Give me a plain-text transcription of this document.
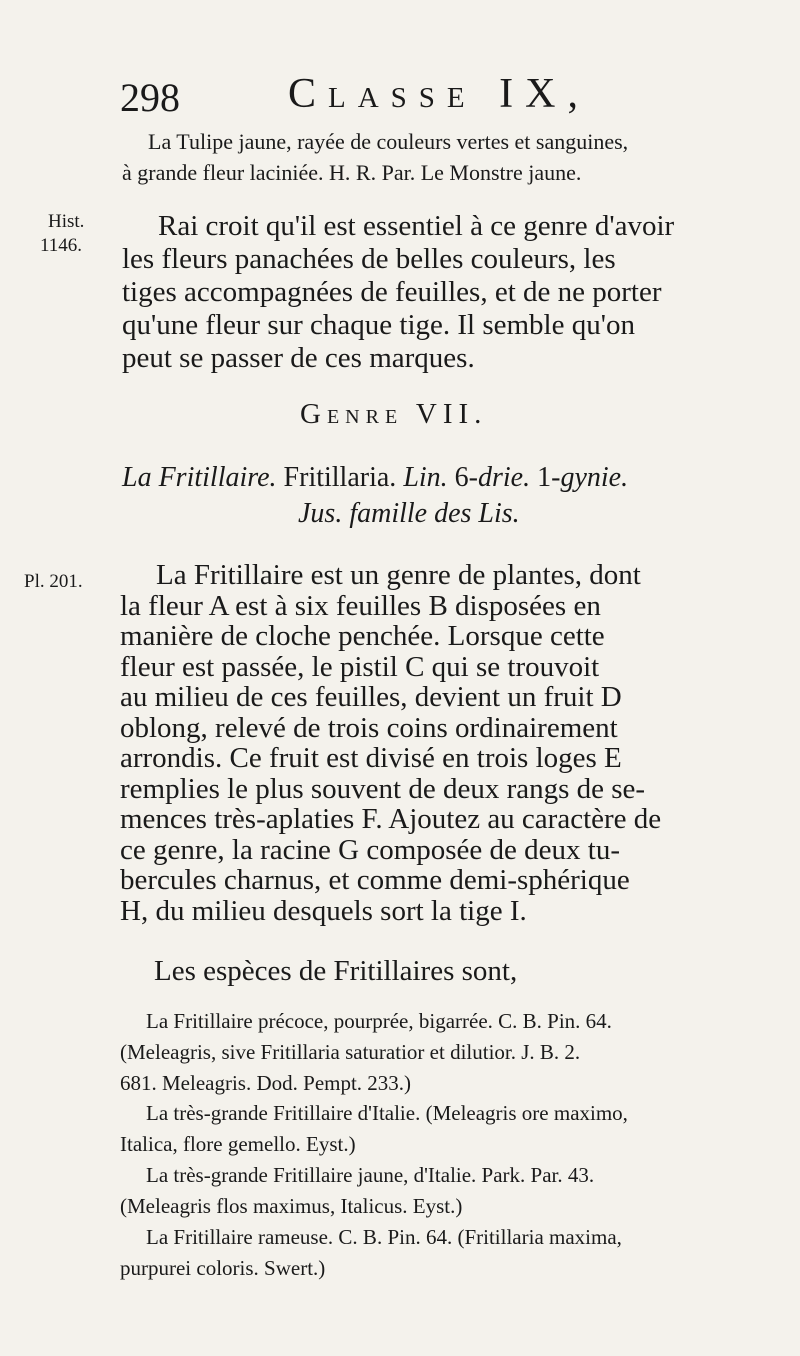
298	Classe IX,
La Tulipe jaune, rayée de couleurs vertes et sanguines,
à grande fleur laciniée. H. R. Par. Le Monstre jaune.
Hist.
1146.
Rai croit qu'il est essentiel à ce genre d'avoir
les fleurs panachées de belles couleurs, les
tiges accompagnées de feuilles, et de ne porter
qu'une fleur sur chaque tige. Il semble qu'on
peut se passer de ces marques.
Genre VII.
La Fritillaire. Fritillaria. Lin. 6-drie. 1-gynie.
Jus. famille des Lis.
Pl. 201.	La Fritillaire est un genre de plantes, dont
la fleur A est à six feuilles B disposées en
manière de cloche penchée. Lorsque cette
fleur est passée, le pistil C qui se trouvoit
au milieu de ces feuilles, devient un fruit D
oblong, relevé de trois coins ordinairement
arrondis. Ce fruit est divisé en trois loges E
remplies le plus souvent de deux rangs de se-
mences très-aplaties F. Ajoutez au caractère de
ce genre, la racine G composée de deux tu-
bercules charnus, et comme demi-sphérique
H, du milieu desquels sort la tige I.
Les espèces de Fritillaires sont,
La Fritillaire précoce, pourprée, bigarrée. C. B. Pin. 64.
(Meleagris, sive Fritillaria saturatior et dilutior. J. B. 2.
681. Meleagris. Dod. Pempt. 233.)
La très-grande Fritillaire d'Italie. (Meleagris ore maximo,
Italica, flore gemello. Eyst.)
La très-grande Fritillaire jaune, d'Italie. Park. Par. 43.
(Meleagris flos maximus, Italicus. Eyst.)
La Fritillaire rameuse. C. B. Pin. 64. (Fritillaria maxima,
purpurei coloris. Swert.)
